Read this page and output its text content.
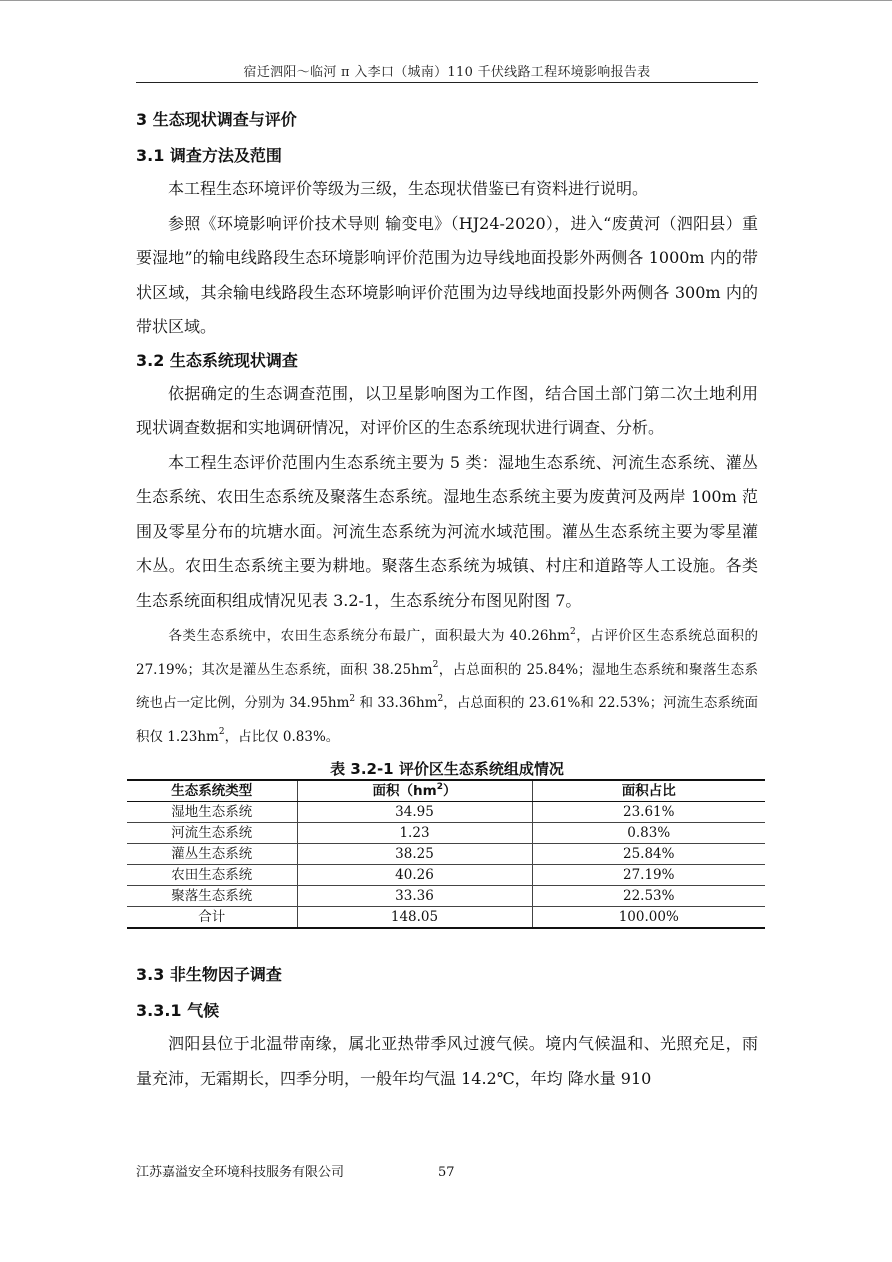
宿迁泗阳～临河 π 入李口（城南）110 千伏线路工程环境影响报告表
3 生态现状调查与评价
3.1 调查方法及范围

本工程生态环境评价等级为三级，生态现状借鉴已有资料进行说明。

参照《环境影响评价技术导则 输变电》（HJ24-2020），进入“废黄河（泗阳县）重要湿地”的输电线路段生态环境影响评价范围为边导线地面投影外两侧各 1000m 内的带状区域，其余输电线路段生态环境影响评价范围为边导线地面投影外两侧各 300m 内的带状区域。

3.2 生态系统现状调查

依据确定的生态调查范围，以卫星影响图为工作图，结合国土部门第二次土地利用现状调查数据和实地调研情况，对评价区的生态系统现状进行调查、分析。

本工程生态评价范围内生态系统主要为 5 类：湿地生态系统、河流生态系统、灌丛生态系统、农田生态系统及聚落生态系统。湿地生态系统主要为废黄河及两岸 100m 范围及零星分布的坑塘水面。河流生态系统为河流水域范围。灌丛生态系统主要为零星灌木丛。农田生态系统主要为耕地。聚落生态系统为城镇、村庄和道路等人工设施。各类生态系统面积组成情况见表 3.2-1，生态系统分布图见附图 7。

各类生态系统中，农田生态系统分布最广，面积最大为 $40.26hm^2$，占评价区生态系统总面积的 27.19%；其次是灌丛生态系统，面积 $38.25hm^2$，占总面积的 25.84%；湿地生态系统和聚落生态系统也占一定比例，分别为 $34.95hm^2$ 和 $33.36hm^2$，占总面积的 23.61%和 22.53%；河流生态系统面积仅 $1.23hm^2$，占比仅 0.83%。

表 3.2-1 评价区生态系统组成情况
生态系统类型	面积$(hm^2)$	面积占比
湿地生态系统	34.95	23.61%
河流生态系统	1.23	0.83%
灌丛生态系统	38.25	25.84%
农田生态系统	40.26	27.19%
聚落生态系统	33.36	22.53%
合计	148.05	100.00%
3.3 非生物因子调查
3.3.1 气候

泗阳县位于北温带南缘，属北亚热带季风过渡气候。境内气候温和、光照充足，雨量充沛，无霜期长，四季分明，一般年均气温 14.2℃，年均 降水量 910

江苏嘉溢安全环境科技服务有限公司	57
